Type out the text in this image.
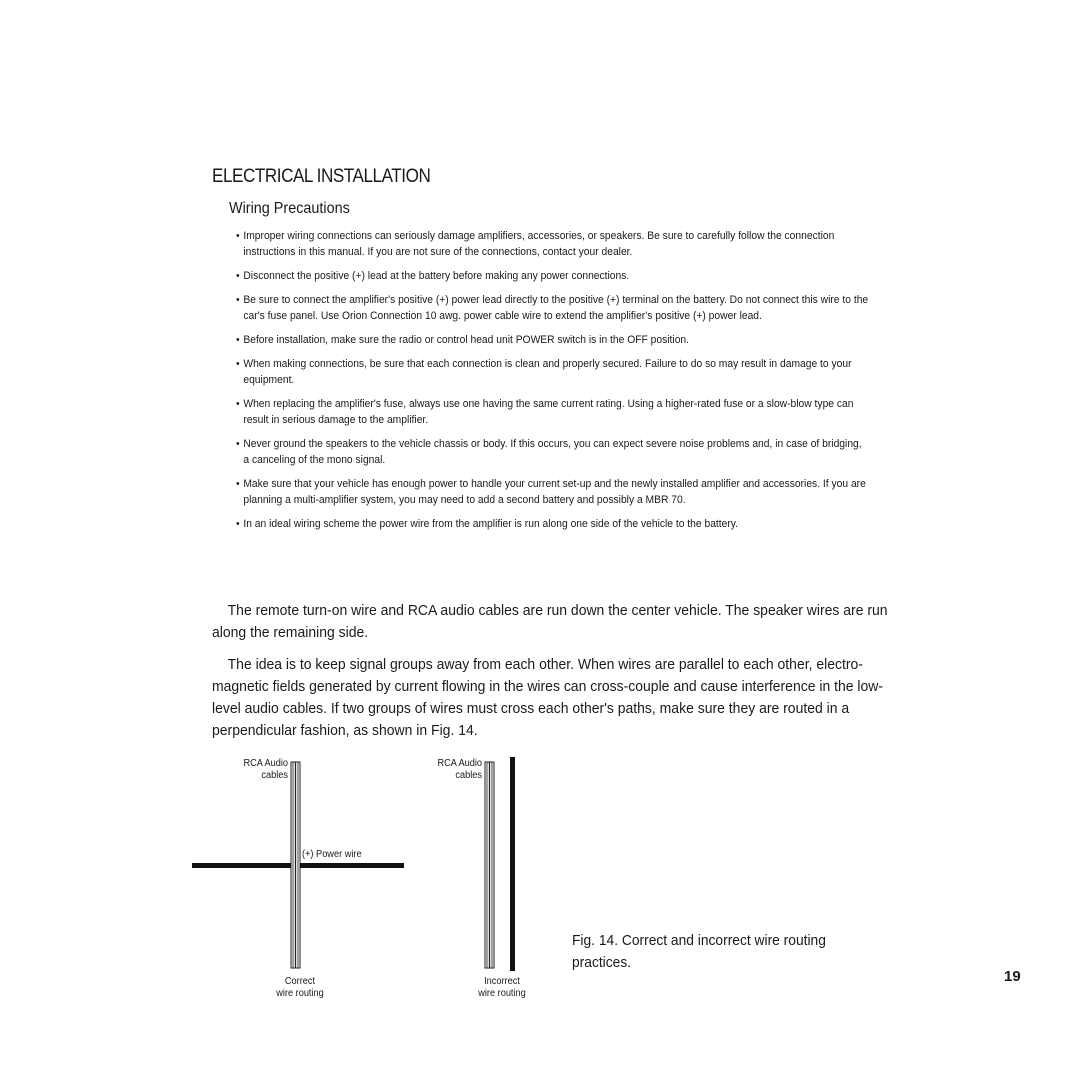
ELECTRICAL INSTALLATION
Wiring Precautions
• Improper wiring connections can seriously damage amplifiers, accessories, or speakers. Be sure to carefully follow the connection instructions in this manual. If you are not sure of the connections, contact your dealer.
• Disconnect the positive (+) lead at the battery before making any power connections.
• Be sure to connect the amplifier's positive (+) power lead directly to the positive (+) terminal on the battery. Do not connect this wire to the car's fuse panel. Use Orion Connection 10 awg. power cable wire to extend the amplifier's positive (+) power lead.
• Before installation, make sure the radio or control head unit POWER switch is in the OFF position.
• When making connections, be sure that each connection is clean and properly secured. Failure to do so may result in damage to your equipment.
• When replacing the amplifier's fuse, always use one having the same current rating. Using a higher-rated fuse or a slow-blow type can result in serious damage to the amplifier.
• Never ground the speakers to the vehicle chassis or body. If this occurs, you can expect severe noise problems and, in case of bridging, a canceling of the mono signal.
• Make sure that your vehicle has enough power to handle your current set-up and the newly installed amplifier and accessories. If you are planning a multi-amplifier system, you may need to add a second battery and possibly a MBR 70.
• In an ideal wiring scheme the power wire from the amplifier is run along one side of the vehicle to the battery.

The remote turn-on wire and RCA audio cables are run down the center vehicle. The speaker wires are run along the remaining side.

The idea is to keep signal groups away from each other. When wires are parallel to each other, electro-magnetic fields generated by current flowing in the wires can cross-couple and cause interference in the low-level audio cables. If two groups of wires must cross each other's paths, make sure they are routed in a perpendicular fashion, as shown in Fig. 14.

RCA Audio
cables
(+) Power wire
Correct
wire routing
RCA Audio
cables
Incorrect
wire routing

Fig. 14. Correct and incorrect wire routing practices.

19
